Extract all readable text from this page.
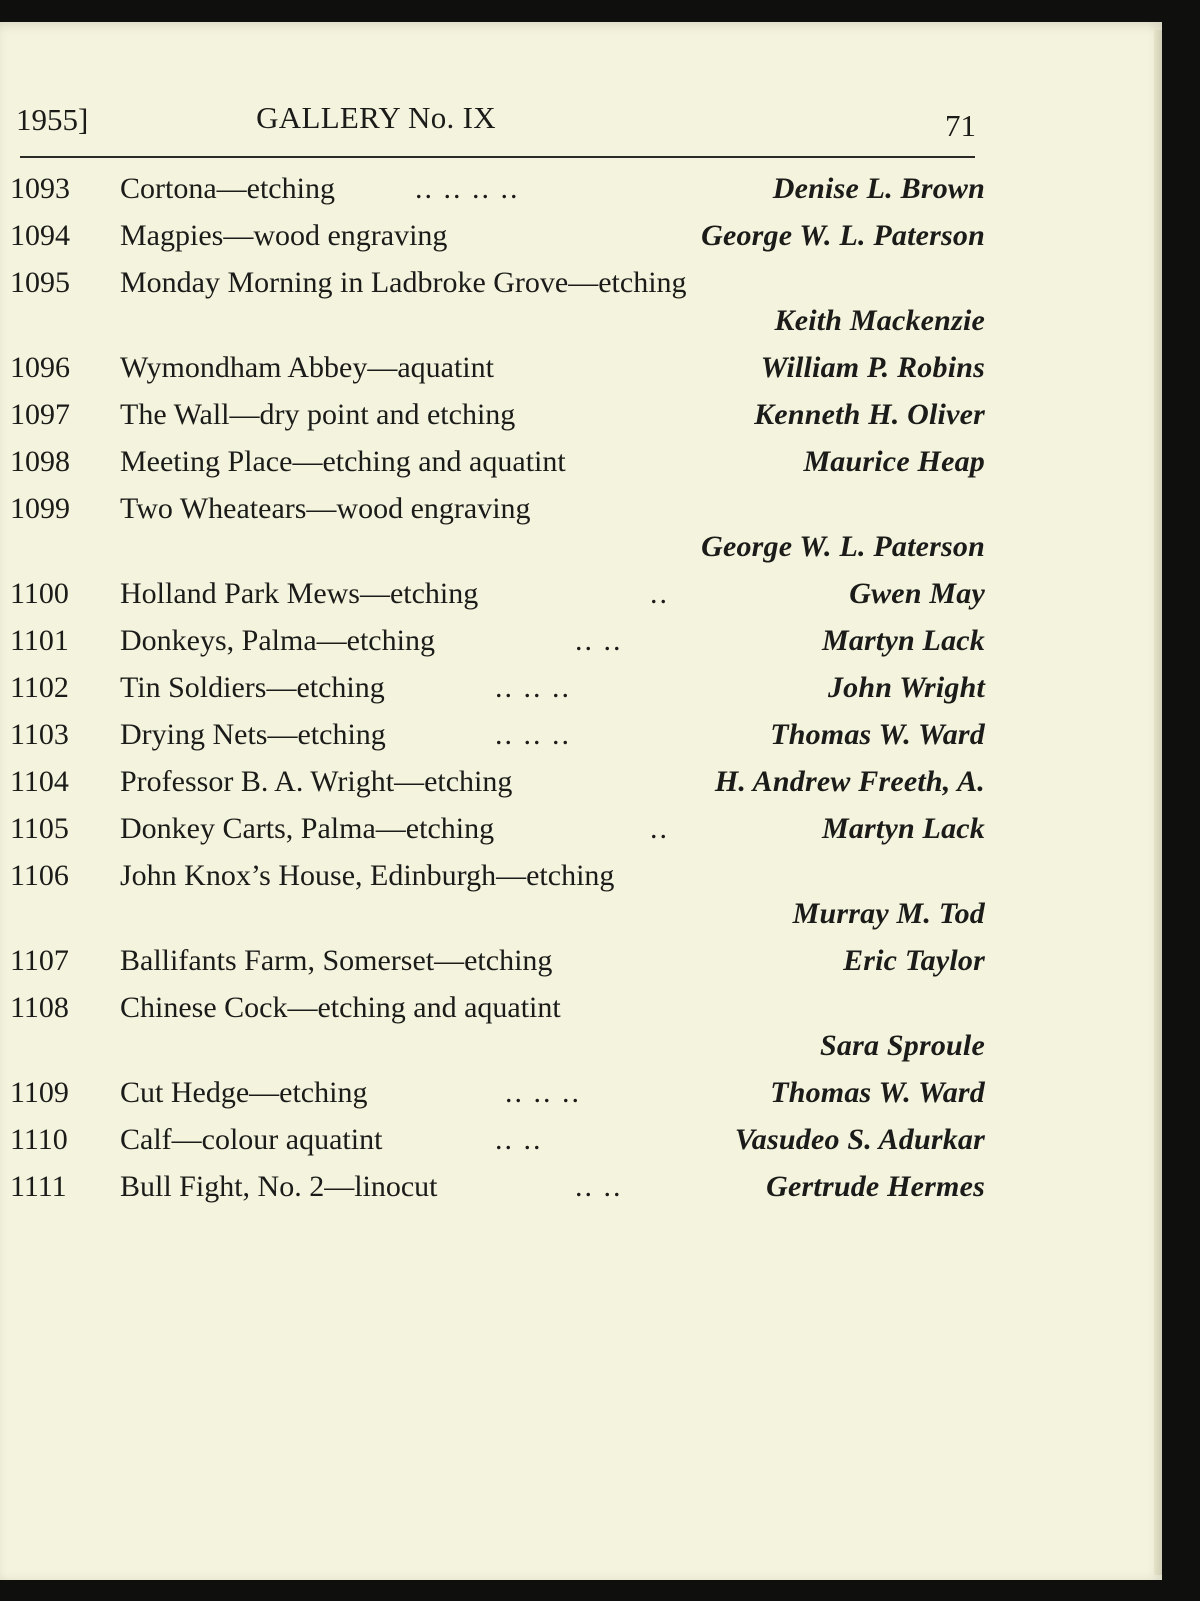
1955]	GALLERY No. IX	71
1093	Cortona—etching	.. .. .. ..	Denise L. Brown
1094	Magpies—wood engraving	George W. L. Paterson
1095	Monday Morning in Ladbroke Grove—etching
Keith Mackenzie
1096	Wymondham Abbey—aquatint	William P. Robins
1097	The Wall—dry point and etching	Kenneth H. Oliver
1098	Meeting Place—etching and aquatint	Maurice Heap
1099	Two Wheatears—wood engraving
George W. L. Paterson
1100	Holland Park Mews—etching	..	Gwen May
1101	Donkeys, Palma—etching	.. ..	Martyn Lack
1102	Tin Soldiers—etching	.. .. ..	John Wright
1103	Drying Nets—etching	.. .. ..	Thomas W. Ward
1104	Professor B. A. Wright—etching	H. Andrew Freeth, A.
1105	Donkey Carts, Palma—etching	..	Martyn Lack
1106	John Knox’s House, Edinburgh—etching
Murray M. Tod
1107	Ballifants Farm, Somerset—etching	Eric Taylor
1108	Chinese Cock—etching and aquatint
Sara Sproule
1109	Cut Hedge—etching	.. .. ..	Thomas W. Ward
1110	Calf—colour aquatint	.. ..	Vasudeo S. Adurkar
1111	Bull Fight, No. 2—linocut	.. ..	Gertrude Hermes
